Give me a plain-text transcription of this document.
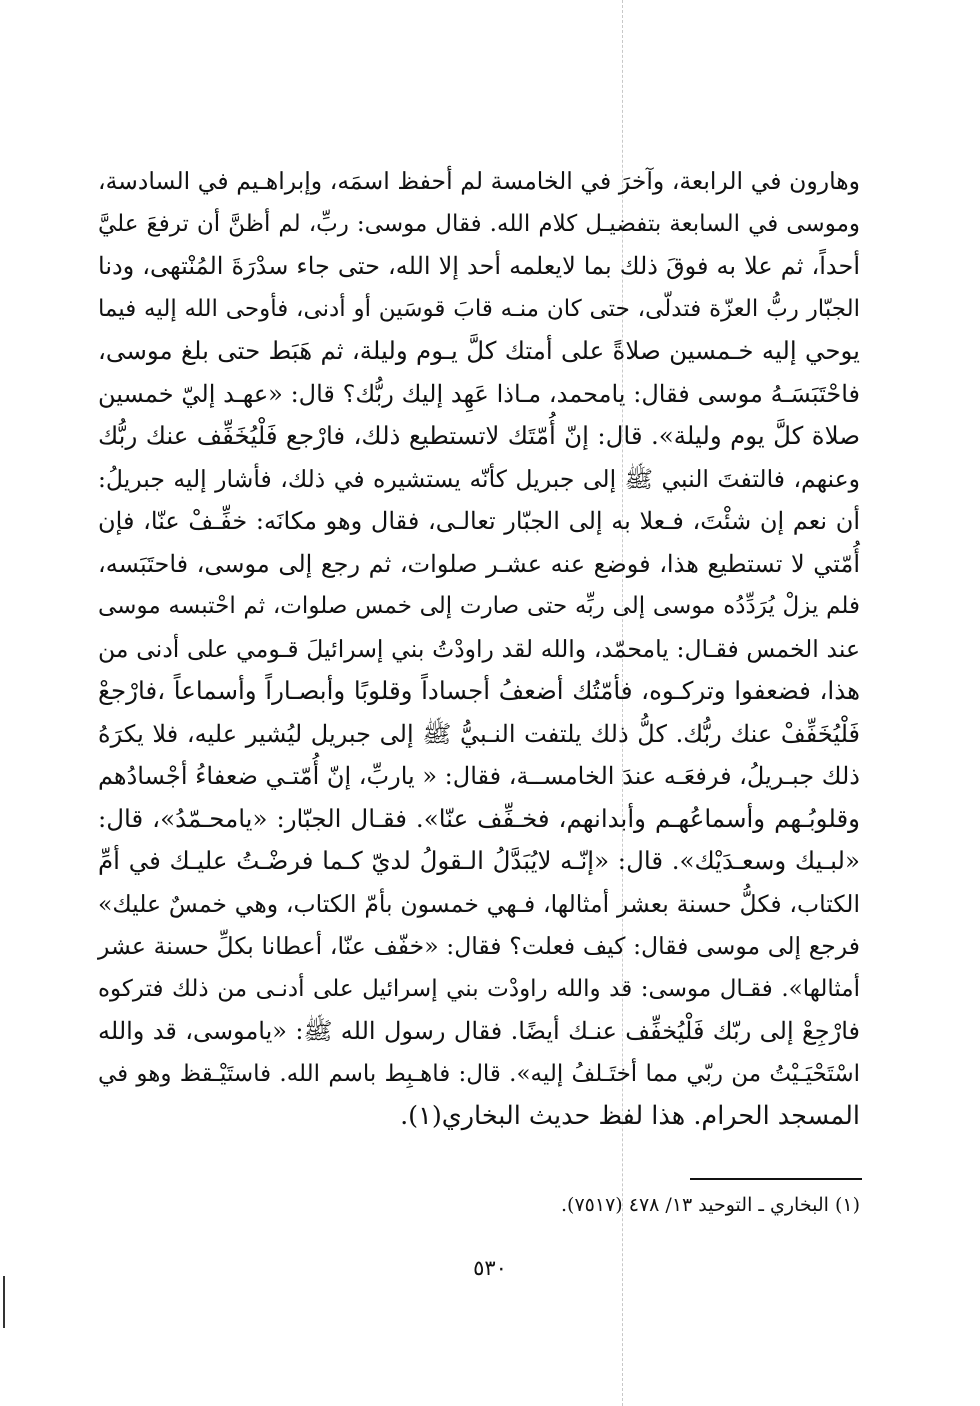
وهارون في الرابعة، وآخرَ في الخامسة لم أحفظ اسمَه، وإبراهـيم في السادسة،
وموسى في السابعة بتفضيـل كلام الله. فقال موسى: ربِّ، لم أظنَّ أن ترفعَ عليَّ
أحداً، ثم علا به فوقَ ذلك بما لايعلمه أحد إلا الله، حتى جاء سدْرَةَ المُنْتهى، ودنا
الجبّار ربُّ العزّة فتدلّى، حتى كان منـه قابَ قوسَين أو أدنى، فأوحى الله إليه فيما
يوحي إليه خـمسين صلاةً على أمتك كلَّ يـوم وليلة، ثم هَبَط حتى بلغ موسى،
فاحْتَبَسَـهُ موسى فقال: يامحمد، مـاذا عَهِد إليك ربُّك؟ قال: «عهـد إليّ خمسين
صلاة كلَّ يوم وليلة». قال: إنّ أُمّتَك لاتستطيع ذلك، فارْجع فَلْيُخَفِّف عنك ربُّك
وعنهم، فالتفتَ النبي ﷺ إلى جبريل كأنّه يستشيره في ذلك، فأشار إليه جبريلُ:
أن نعم إن شئْتَ، فـعلا به إلى الجبّار تعالـى، فقال وهو مكانَه: خفِّـفْ عنّا، فإن
أُمّتي لا تستطيع هذا، فوضع عنه عشـر صلوات، ثم رجع إلى موسى، فاحتَبَسه،
فلم يزلْ يُرَدِّدُه موسى إلى ربِّه حتى صارت إلى خمس صلوات، ثم احْتبسه موسى
عند الخمس فقـال: يامحمّد، والله لقد راودْتُ بني إسرائيلَ قـومي على أدنى من
هذا، فضعفوا وتركـوه، فأمّتُك أضعفُ أجساداً وقلوبًا وأبصـاراً وأسماعاً ،فارْجعْ
فَلْيُخَفِّفْ عنك ربُّك. كلُّ ذلك يلتفت النـبيُّ ﷺ إلى جبريل ليُشير عليه، فلا يكرَهُ
ذلك جبـريلُ، فرفعَـه عندَ الخامســة، فقال: « ياربِّ، إنّ أُمّتـي ضعفاءُ أجْسادُهم
وقلوبُـهم وأسماعُهـم وأبدانهم، فخـفِّف عنّا». فقـال الجبّار: «يامحـمّدُ»، قال:
«لبـيك وسعـدَيْك». قال: «إنّـه لايُبَدَّلُ الـقولُ لديّ كـما فرضْـتُ عليـك في أمِّ
الكتاب، فكلُّ حسنة بعشر أمثالها، فـهي خمسون بأمّ الكتاب، وهي خمسٌ عليك»
فرجع إلى موسى فقال: كيف فعلت؟ فقال: «خفّف عنّا، أعطانا بكلِّ حسنة عشر
أمثالها». فقـال موسى: قد والله راودْت بني إسرائيل على أدنـى من ذلك فتركوه
فارْجِعْ إلى ربّك فَلْيُخفِّف عنـك أيضًا. فقال رسول الله ﷺ: «ياموسى، قد والله
اسْتَحْيَـيْتُ من ربّي مما أختَـلفُ إليه». قال: فاهـبِط باسم الله. فاستَيْـقظ وهو في
المسجد الحرام. هذا لفظ حديث البخاري(١).
(١) البخاري ـ التوحيد ١٣/ ٤٧٨ (٧٥١٧).
٥٣٠
